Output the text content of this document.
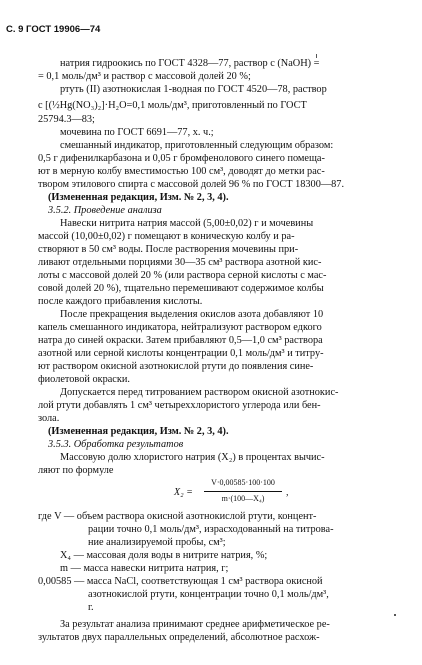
С. 9 ГОСТ 19906—74
натрия гидроокись по ГОСТ 4328—77, раствор c (NaOH) =
= 0,1 моль/дм³ и раствор с массовой долей 20 %;
ртуть (II) азотнокислая 1-водная по ГОСТ 4520—78, раствор
c [(½Hg(NO₃)₂]·H₂O=0,1 моль/дм³, приготовленный по ГОСТ
25794.3—83;
мочевина по ГОСТ 6691—77, х. ч.;
смешанный индикатор, приготовленный следующим образом:
0,5 г дифенилкарбазона и 0,05 г бромфенолового синего помеща-
ют в мерную колбу вместимостью 100 см³, доводят до метки рас-
твором этилового спирта с массовой долей 96 % по ГОСТ 18300—87.
(Измененная редакция, Изм. № 2, 3, 4).
3.5.2. Проведение анализа
Навески нитрита натрия массой (5,00±0,02) г и мочевины
массой (10,00±0,02) г помещают в коническую колбу и ра-
створяют в 50 см³ воды. После растворения мочевины при-
ливают отдельными порциями 30—35 см³ раствора азотной кис-
лоты с массовой долей 20 % (или раствора серной кислоты с мас-
совой долей 20 %), тщательно перемешивают содержимое колбы
после каждого прибавления кислоты.
После прекращения выделения окислов азота добавляют 10
капель смешанного индикатора, нейтрализуют раствором едкого
натра до синей окраски. Затем прибавляют 0,5—1,0 см³ раствора
азотной или серной кислоты концентрации 0,1 моль/дм³ и титру-
ют раствором окисной азотнокислой ртути до появления сине-
фиолетовой окраски.
Допускается перед титрованием раствором окисной азотнокис-
лой ртути добавлять 1 см³ четыреххлористого углерода или бен-
зола.
(Измененная редакция, Изм. № 2, 3, 4).
3.5.3. Обработка результатов
Массовую долю хлористого натрия (X₂) в процентах вычис-
ляют по формуле
X₂ =
V·0,00585·100·100
m·(100—X₄)
,
где V — объем раствора окисной азотнокислой ртути, концент-
рации точно 0,1 моль/дм³, израсходованный на титрова-
ние анализируемой пробы, см³;
X₄ — массовая доля воды в нитрите натрия, %;
m — масса навески нитрита натрия, г;
0,00585 — масса NaCl, соответствующая 1 см³ раствора окисной
азотнокислой ртути, концентрации точно 0,1 моль/дм³,
г.
За результат анализа принимают среднее арифметическое ре-
зультатов двух параллельных определений, абсолютное расхож-
